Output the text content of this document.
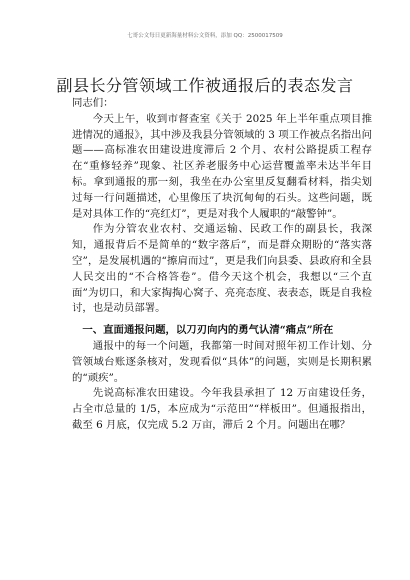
七哥公文每日更新海量材料公文资料，添加 QQ：2500017509
副县长分管领域工作被通报后的表态发言

同志们：

今天上午，收到市督查室《关于 2025 年上半年重点项目推进情况的通报》，其中涉及我县分管领域的 3 项工作被点名指出问题——高标准农田建设进度滞后 2 个月、农村公路提质工程存在“重修轻养”现象、社区养老服务中心运营覆盖率未达半年目标。拿到通报的那一刻，我坐在办公室里反复翻看材料，指尖划过每一行问题描述，心里像压了块沉甸甸的石头。这些问题，既是对具体工作的“亮红灯”，更是对我个人履职的“敲警钟”。

作为分管农业农村、交通运输、民政工作的副县长，我深知，通报背后不是简单的“数字落后”，而是群众期盼的“落实落空”，是发展机遇的“擦肩而过”，更是我们向县委、县政府和全县人民交出的“不合格答卷”。借今天这个机会，我想以“三个直面”为切口，和大家掏掏心窝子、亮亮态度、表表态，既是自我检讨，也是动员部署。

一、直面通报问题，以刀刃向内的勇气认清“痛点”所在

通报中的每一个问题，我都第一时间对照年初工作计划、分管领域台账逐条核对，发现看似“具体”的问题，实则是长期积累的“顽疾”。

先说高标准农田建设。今年我县承担了 12 万亩建设任务，占全市总量的 1/5，本应成为“示范田”“样板田”。但通报指出，截至 6 月底，仅完成 5.2 万亩，滞后 2 个月。问题出在哪？
